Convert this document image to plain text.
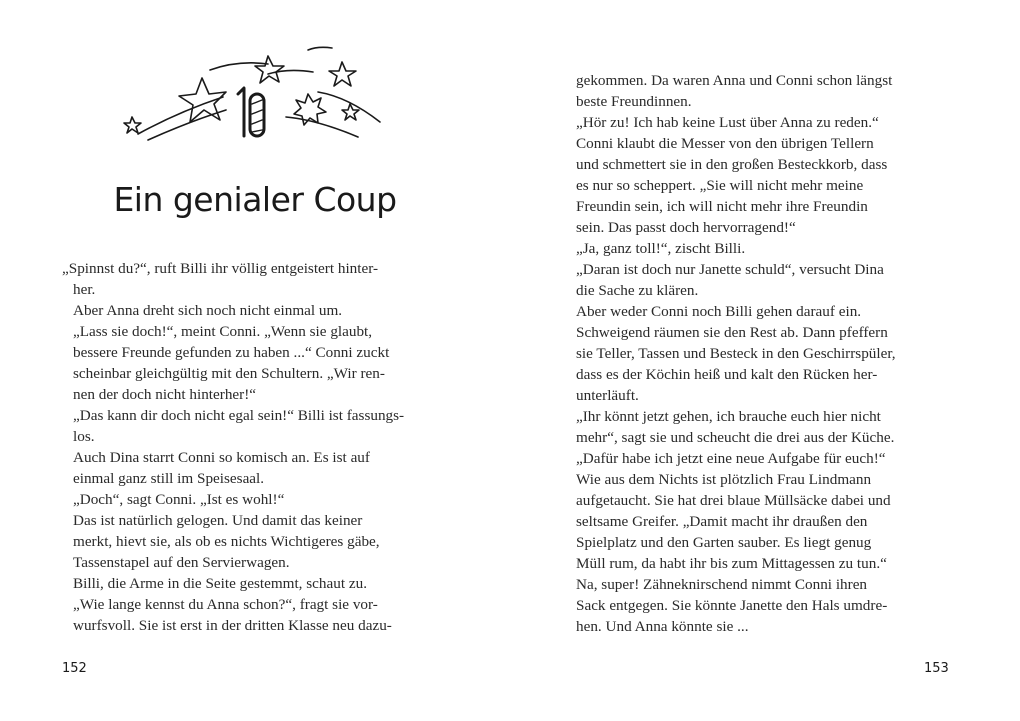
10
Ein genialer Coup
„Spinnst du?“, ruft Billi ihr völlig entgeistert hinter-
her.
Aber Anna dreht sich noch nicht einmal um.
„Lass sie doch!“, meint Conni. „Wenn sie glaubt,
bessere Freunde gefunden zu haben ...“ Conni zuckt
scheinbar gleichgültig mit den Schultern. „Wir ren-
nen der doch nicht hinterher!“
„Das kann dir doch nicht egal sein!“ Billi ist fassungs-
los.
Auch Dina starrt Conni so komisch an. Es ist auf
einmal ganz still im Speisesaal.
„Doch“, sagt Conni. „Ist es wohl!“
Das ist natürlich gelogen. Und damit das keiner
merkt, hievt sie, als ob es nichts Wichtigeres gäbe,
Tassenstapel auf den Servierwagen.
Billi, die Arme in die Seite gestemmt, schaut zu.
„Wie lange kennst du Anna schon?“, fragt sie vor-
wurfsvoll. Sie ist erst in der dritten Klasse neu dazu-
152
gekommen. Da waren Anna und Conni schon längst
beste Freundinnen.
„Hör zu! Ich hab keine Lust über Anna zu reden.“
Conni klaubt die Messer von den übrigen Tellern
und schmettert sie in den großen Besteckkorb, dass
es nur so scheppert. „Sie will nicht mehr meine
Freundin sein, ich will nicht mehr ihre Freundin
sein. Das passt doch hervorragend!“
„Ja, ganz toll!“, zischt Billi.
„Daran ist doch nur Janette schuld“, versucht Dina
die Sache zu klären.
Aber weder Conni noch Billi gehen darauf ein.
Schweigend räumen sie den Rest ab. Dann pfeffern
sie Teller, Tassen und Besteck in den Geschirrspüler,
dass es der Köchin heiß und kalt den Rücken her-
unterläuft.
„Ihr könnt jetzt gehen, ich brauche euch hier nicht
mehr“, sagt sie und scheucht die drei aus der Küche.
„Dafür habe ich jetzt eine neue Aufgabe für euch!“
Wie aus dem Nichts ist plötzlich Frau Lindmann
aufgetaucht. Sie hat drei blaue Müllsäcke dabei und
seltsame Greifer. „Damit macht ihr draußen den
Spielplatz und den Garten sauber. Es liegt genug
Müll rum, da habt ihr bis zum Mittagessen zu tun.“
Na, super! Zähneknirschend nimmt Conni ihren
Sack entgegen. Sie könnte Janette den Hals umdre-
hen. Und Anna könnte sie ...
153
